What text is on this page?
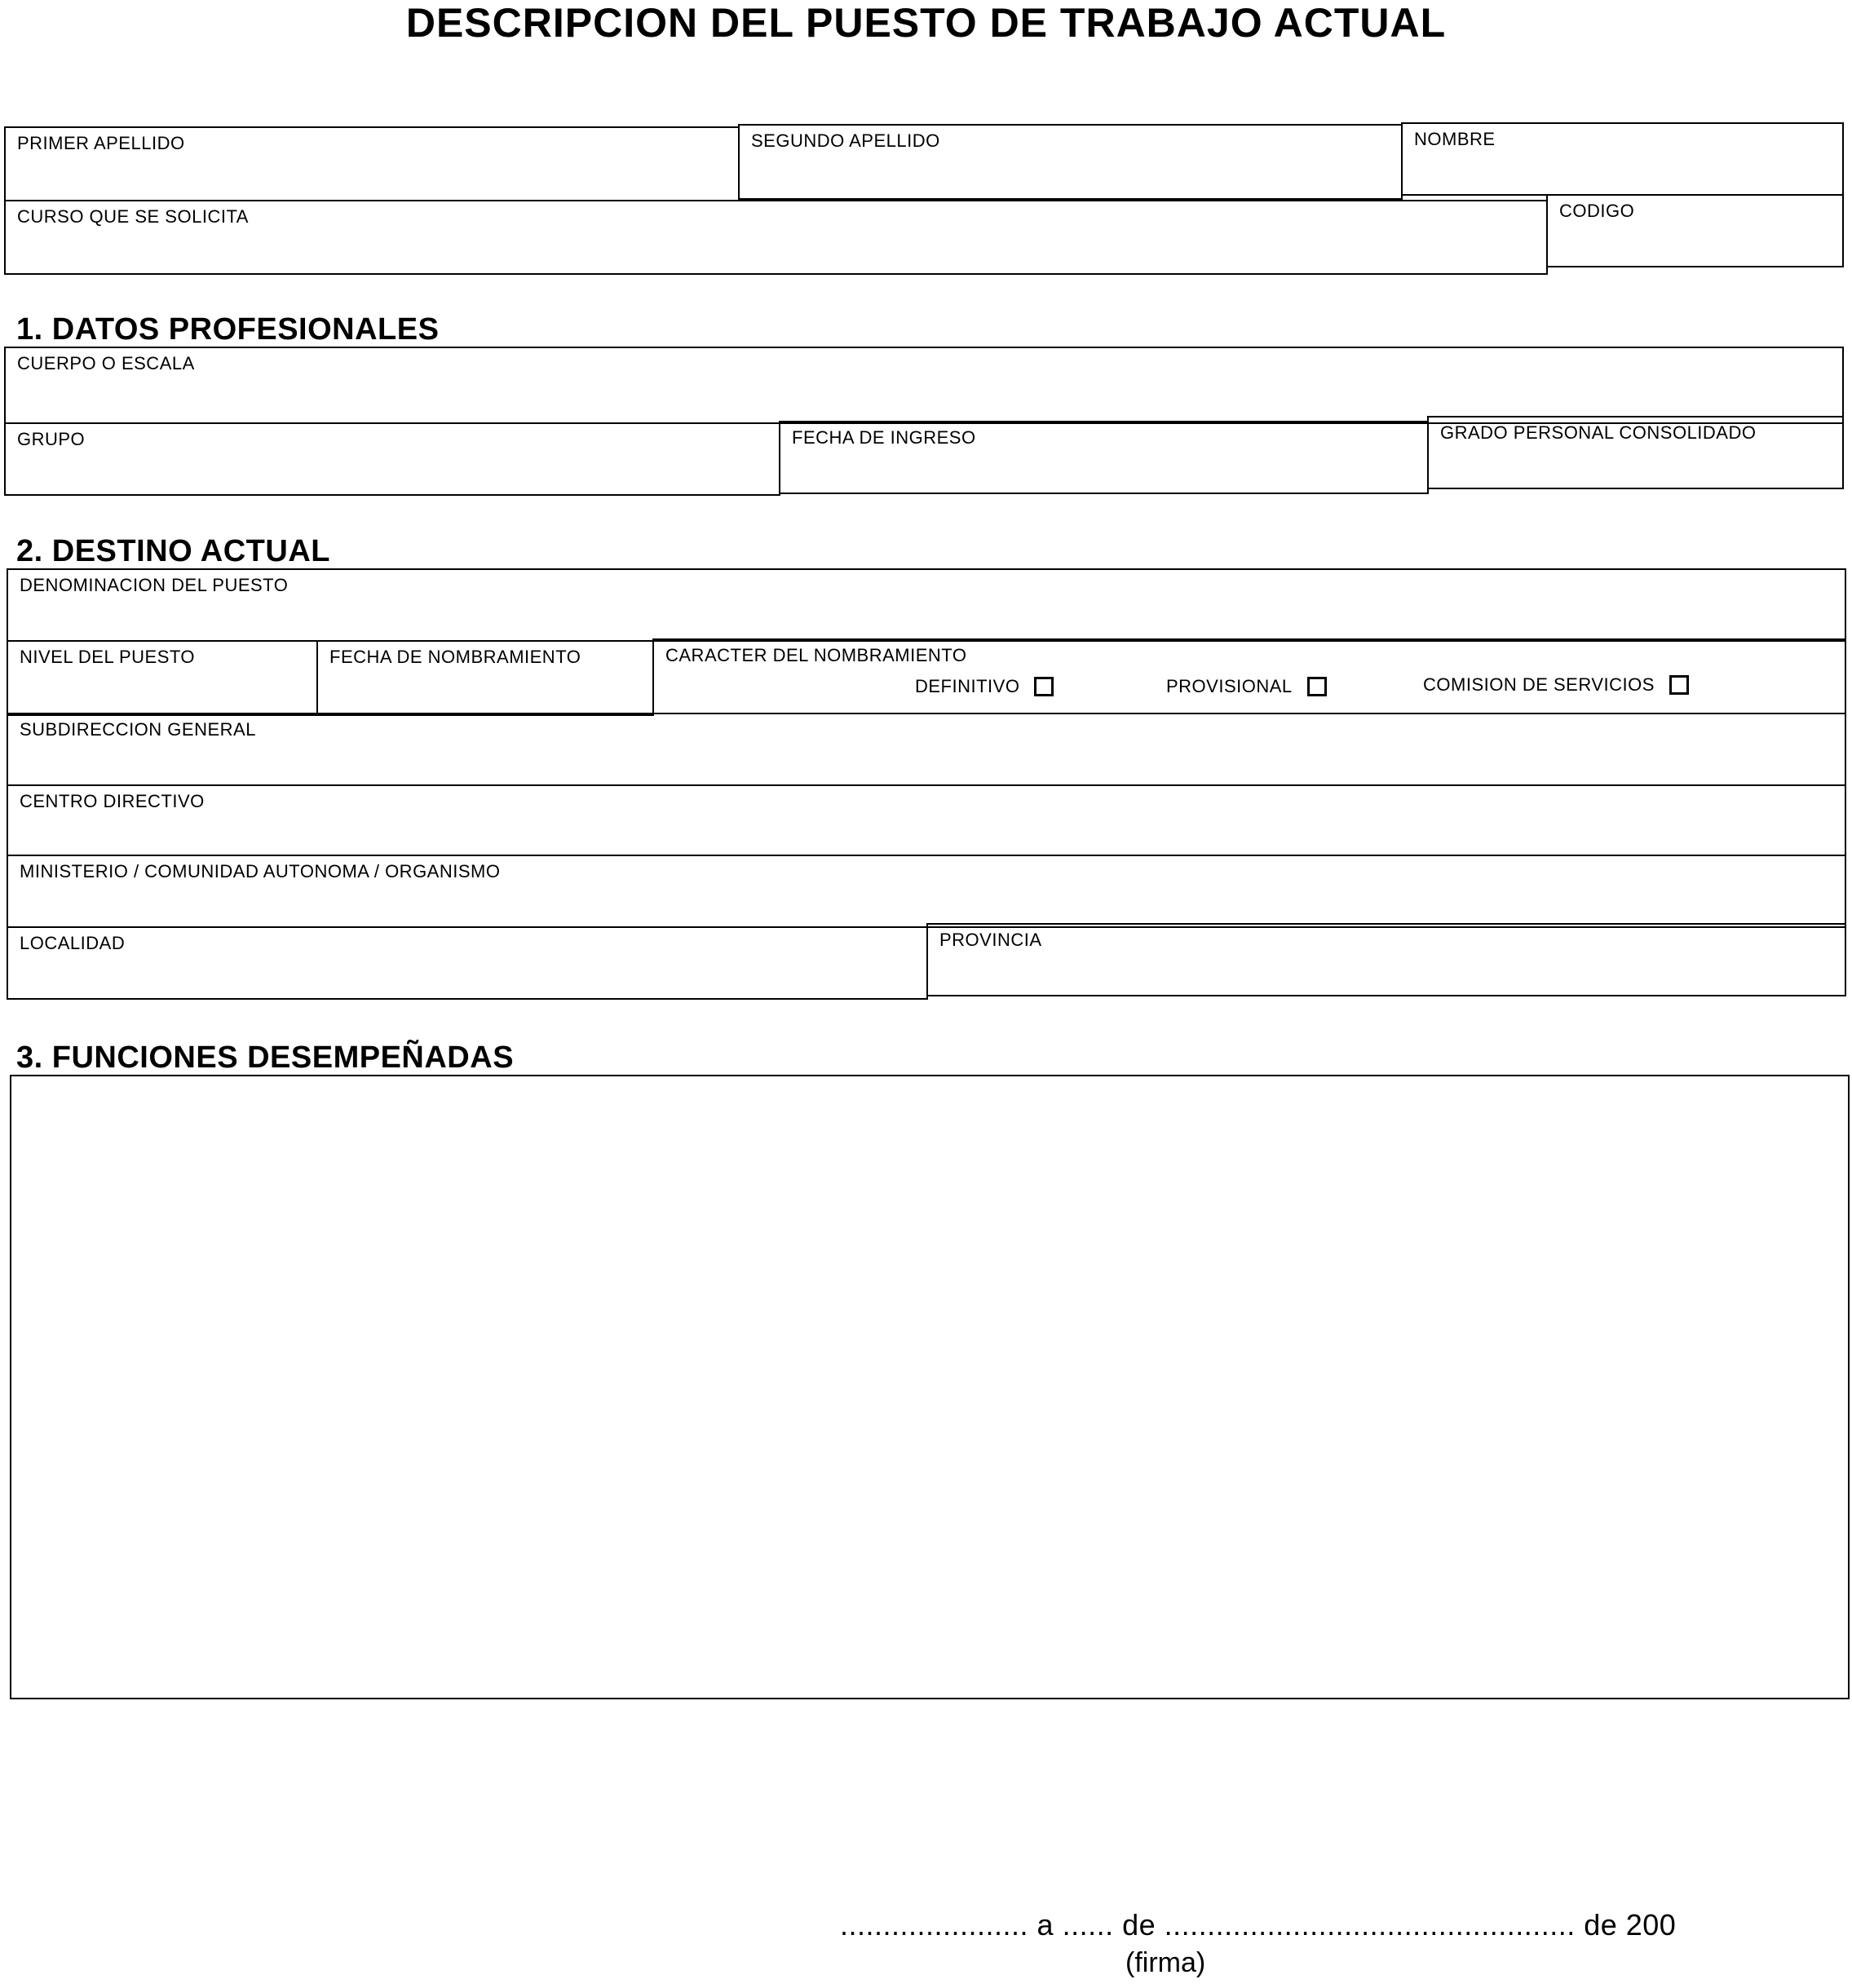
DESCRIPCION DEL PUESTO DE TRABAJO ACTUAL
PRIMER APELLIDO	SEGUNDO APELLIDO	NOMBRE
CURSO QUE SE SOLICITA	CODIGO
1. DATOS PROFESIONALES
CUERPO O ESCALA
GRUPO	FECHA DE INGRESO	GRADO PERSONAL CONSOLIDADO
2. DESTINO ACTUAL
DENOMINACION DEL PUESTO
NIVEL DEL PUESTO	FECHA DE NOMBRAMIENTO	CARACTER DEL NOMBRAMIENTO
DEFINITIVO	PROVISIONAL	COMISION DE SERVICIOS
SUBDIRECCION GENERAL
CENTRO DIRECTIVO
MINISTERIO / COMUNIDAD AUTONOMA / ORGANISMO
LOCALIDAD	PROVINCIA
3. FUNCIONES DESEMPEÑADAS
...................... a ...... de ................................................ de 200
(firma)
